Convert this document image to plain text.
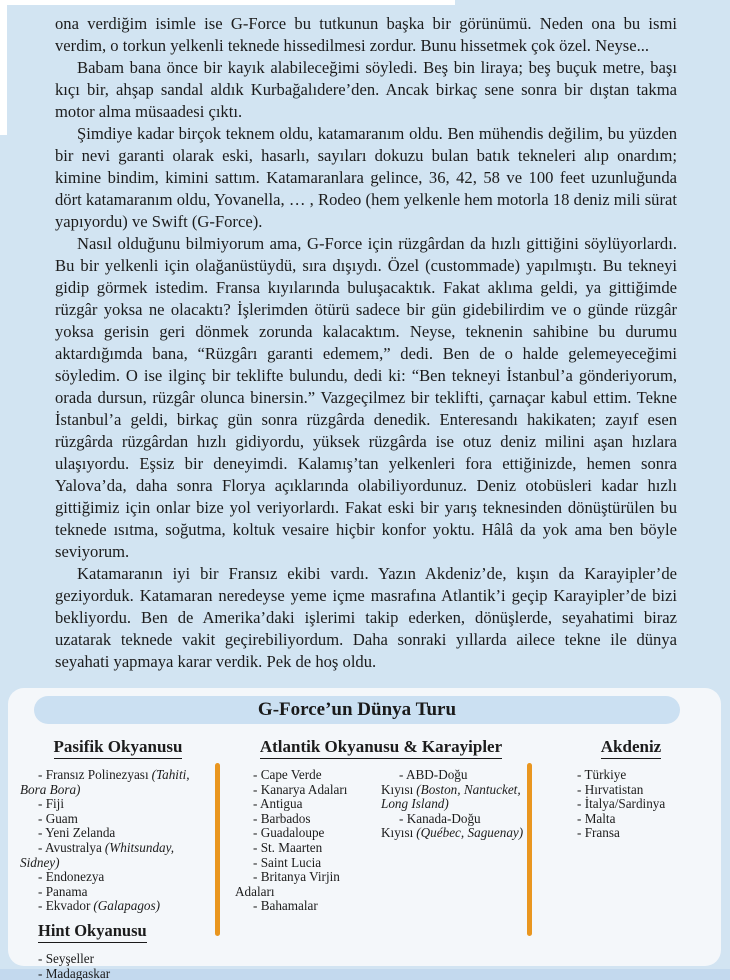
ona verdiğim isimle ise G-Force bu tutkunun başka bir görünümü. Neden ona bu ismi verdim, o torkun yelkenli teknede hissedilmesi zordur. Bunu hissetmek çok özel. Neyse...

Babam bana önce bir kayık alabileceğimi söyledi. Beş bin liraya; beş buçuk metre, başı kıçı bir, ahşap sandal aldık Kurbağalıdere’den. Ancak birkaç sene sonra bir dıştan takma motor alma müsaadesi çıktı.

Şimdiye kadar birçok teknem oldu, katamaranım oldu. Ben mühendis değilim, bu yüzden bir nevi garanti olarak eski, hasarlı, sayıları dokuzu bulan batık tekneleri alıp onardım; kimine bindim, kimini sattım. Katamaranlara gelince, 36, 42, 58 ve 100 feet uzunluğunda dört katamaranım oldu, Yovanella, … , Rodeo (hem yelkenle hem motorla 18 deniz mili sürat yapıyordu) ve Swift (G-Force).

Nasıl olduğunu bilmiyorum ama, G-Force için rüzgârdan da hızlı gittiğini söylüyorlardı. Bu bir yelkenli için olağanüstüydü, sıra dışıydı. Özel (custommade) yapılmıştı. Bu tekneyi gidip görmek istedim. Fransa kıyılarında buluşacaktık. Fakat aklıma geldi, ya gittiğimde rüzgâr yoksa ne olacaktı? İşlerimden ötürü sadece bir gün gidebilirdim ve o günde rüzgâr yoksa gerisin geri dönmek zorunda kalacaktım. Neyse, teknenin sahibine bu durumu aktardığımda bana, “Rüzgârı garanti edemem,” dedi. Ben de o halde gelemeyeceğimi söyledim. O ise ilginç bir teklifte bulundu, dedi ki: “Ben tekneyi İstanbul’a gönderiyorum, orada dursun, rüzgâr olunca binersin.” Vazgeçilmez bir teklifti, çarnaçar kabul ettim. Tekne İstanbul’a geldi, birkaç gün sonra rüzgârda denedik. Enteresandı hakikaten; zayıf esen rüzgârda rüzgârdan hızlı gidiyordu, yüksek rüzgârda ise otuz deniz milini aşan hızlara ulaşıyordu. Eşsiz bir deneyimdi. Kalamış’tan yelkenleri fora ettiğinizde, hemen sonra Yalova’da, daha sonra Florya açıklarında olabiliyordunuz. Deniz otobüsleri kadar hızlı gittiğimiz için onlar bize yol veriyorlardı. Fakat eski bir yarış teknesinden dönüştürülen bu teknede ısıtma, soğutma, koltuk vesaire hiçbir konfor yoktu. Hâlâ da yok ama ben böyle seviyorum.

Katamaranın iyi bir Fransız ekibi vardı. Yazın Akdeniz’de, kışın da Karayipler’de geziyorduk. Katamaran neredeyse yeme içme masrafına Atlantik’i geçip Karayipler’de bizi bekliyordu. Ben de Amerika’daki işlerimi takip ederken, dönüşlerde, seyahatimi biraz uzatarak teknede vakit geçirebiliyordum. Daha sonraki yıllarda ailece tekne ile dünya seyahati yapmaya karar verdik. Pek de hoş oldu.

G-Force’un Dünya Turu
Pasifik Okyanusu
- Fransız Polinezyası (Tahiti, Bora Bora)
- Fiji
- Guam
- Yeni Zelanda
- Avustralya (Whitsunday, Sidney)
- Endonezya
- Panama
- Ekvador (Galapagos)
Hint Okyanusu
- Seyşeller
- Madagaskar
Atlantik Okyanusu & Karayipler
- Cape Verde
- Kanarya Adaları
- Antigua
- Barbados
- Guadaloupe
- St. Maarten
- Saint Lucia
- Britanya Virjin Adaları
- Bahamalar
- ABD-Doğu Kıyısı (Boston, Nantucket, Long Island)
- Kanada-Doğu Kıyısı (Québec, Saguenay)
Akdeniz
- Türkiye
- Hırvatistan
- İtalya/Sardinya
- Malta
- Fransa
